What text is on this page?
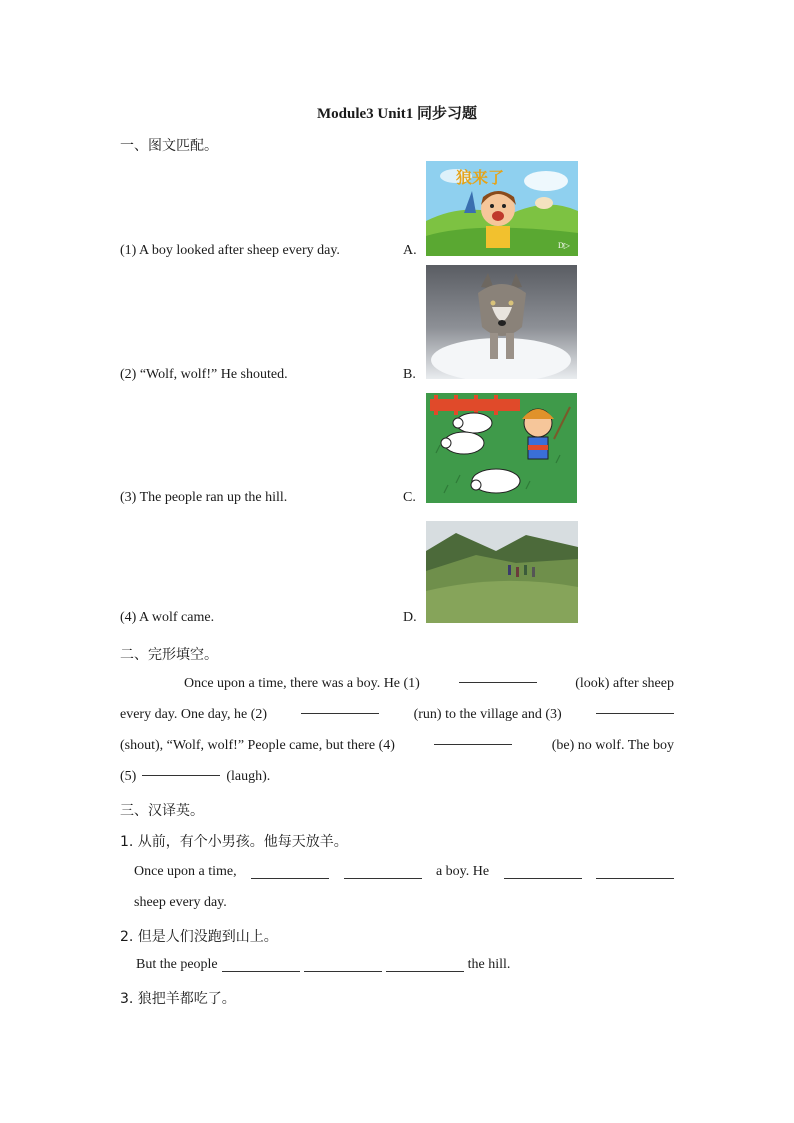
Module3 Unit1 同步习题
一、图文匹配。
(1) A boy looked after sheep every day.	A.
(2) “Wolf, wolf!” He shouted.	B.
(3) The people ran up the hill.	C.
(4) A wolf came.	D.
狼来了
D▷
二、完形填空。
Once upon a time, there was a boy. He (1)	(look) after sheep
every day. One day, he (2)	(run) to the village and (3)
(shout), “Wolf, wolf!” People came, but there (4)	(be) no wolf. The boy
(5)	(laugh).
三、汉译英。
1. 从前，有个小男孩。他每天放羊。
Once upon a time,	a boy. He
sheep every day.
2. 但是人们没跑到山上。
But the people	the hill.
3. 狼把羊都吃了。
